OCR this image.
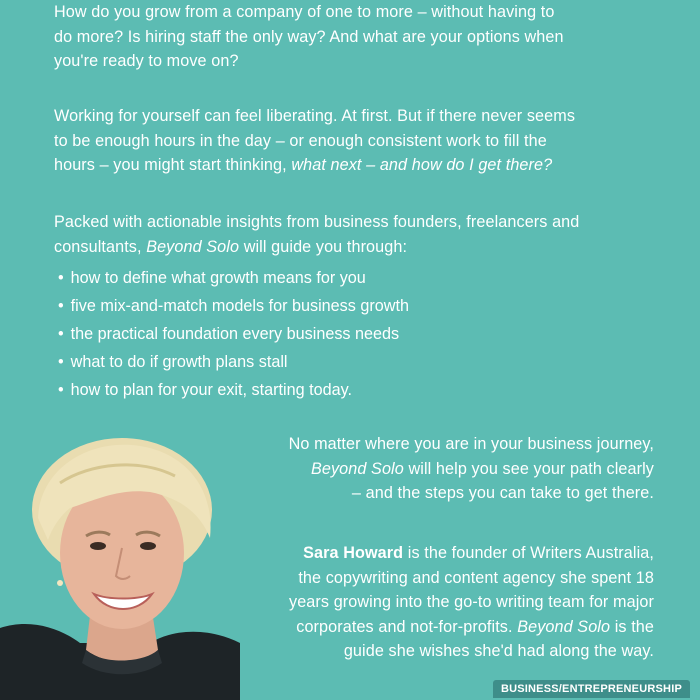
How do you grow from a company of one to more – without having to
do more? Is hiring staff the only way? And what are your options when
you're ready to move on?
Working for yourself can feel liberating. At first. But if there never seems
to be enough hours in the day – or enough consistent work to fill the
hours – you might start thinking, what next – and how do I get there?
Packed with actionable insights from business founders, freelancers and
consultants, Beyond Solo will guide you through:
• how to define what growth means for you
• five mix-and-match models for business growth
• the practical foundation every business needs
• what to do if growth plans stall
• how to plan for your exit, starting today.
No matter where you are in your business journey,
Beyond Solo will help you see your path clearly
– and the steps you can take to get there.
Sara Howard is the founder of Writers Australia,
the copywriting and content agency she spent 18
years growing into the go-to writing team for major
corporates and not-for-profits. Beyond Solo is the
guide she wishes she'd had along the way.
BUSINESS/ENTREPRENEURSHIP
